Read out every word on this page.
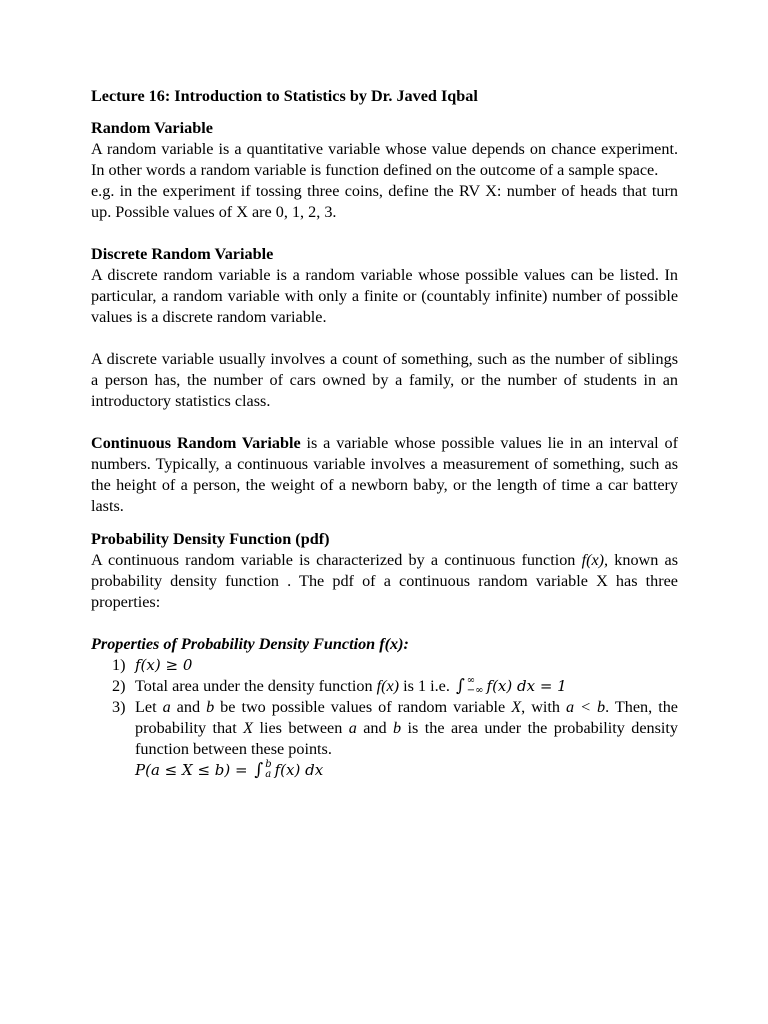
Lecture 16: Introduction to Statistics by Dr. Javed Iqbal

Random Variable

A random variable is a quantitative variable whose value depends on chance experiment. In other words a random variable is function defined on the outcome of a sample space.

e.g. in the experiment if tossing three coins, define the RV X: number of heads that turn up. Possible values of X are 0, 1, 2, 3.

Discrete Random Variable

A discrete random variable is a random variable whose possible values can be listed. In particular, a random variable with only a finite or (countably infinite) number of possible values is a discrete random variable.

A discrete variable usually involves a count of something, such as the number of siblings a person has, the number of cars owned by a family, or the number of students in an introductory statistics class.

Continuous Random Variable is a variable whose possible values lie in an interval of numbers. Typically, a continuous variable involves a measurement of something, such as the height of a person, the weight of a newborn baby, or the length of time a car battery lasts.

Probability Density Function (pdf)

A continuous random variable is characterized by a continuous function f(x), known as probability density function . The pdf of a continuous random variable X has three properties:

Properties of Probability Density Function f(x):

1) f(x) ≥ 0
2) Total area under the density function f(x) is 1 i.e. ∫ ∞
−∞ f(x) dx = 1
3) Let a and b be two possible values of random variable X, with a < b. Then, the probability that X lies between a and b is the area under the probability density function between these points.

P(a ≤ X ≤ b) = ∫ b
a f(x) dx
